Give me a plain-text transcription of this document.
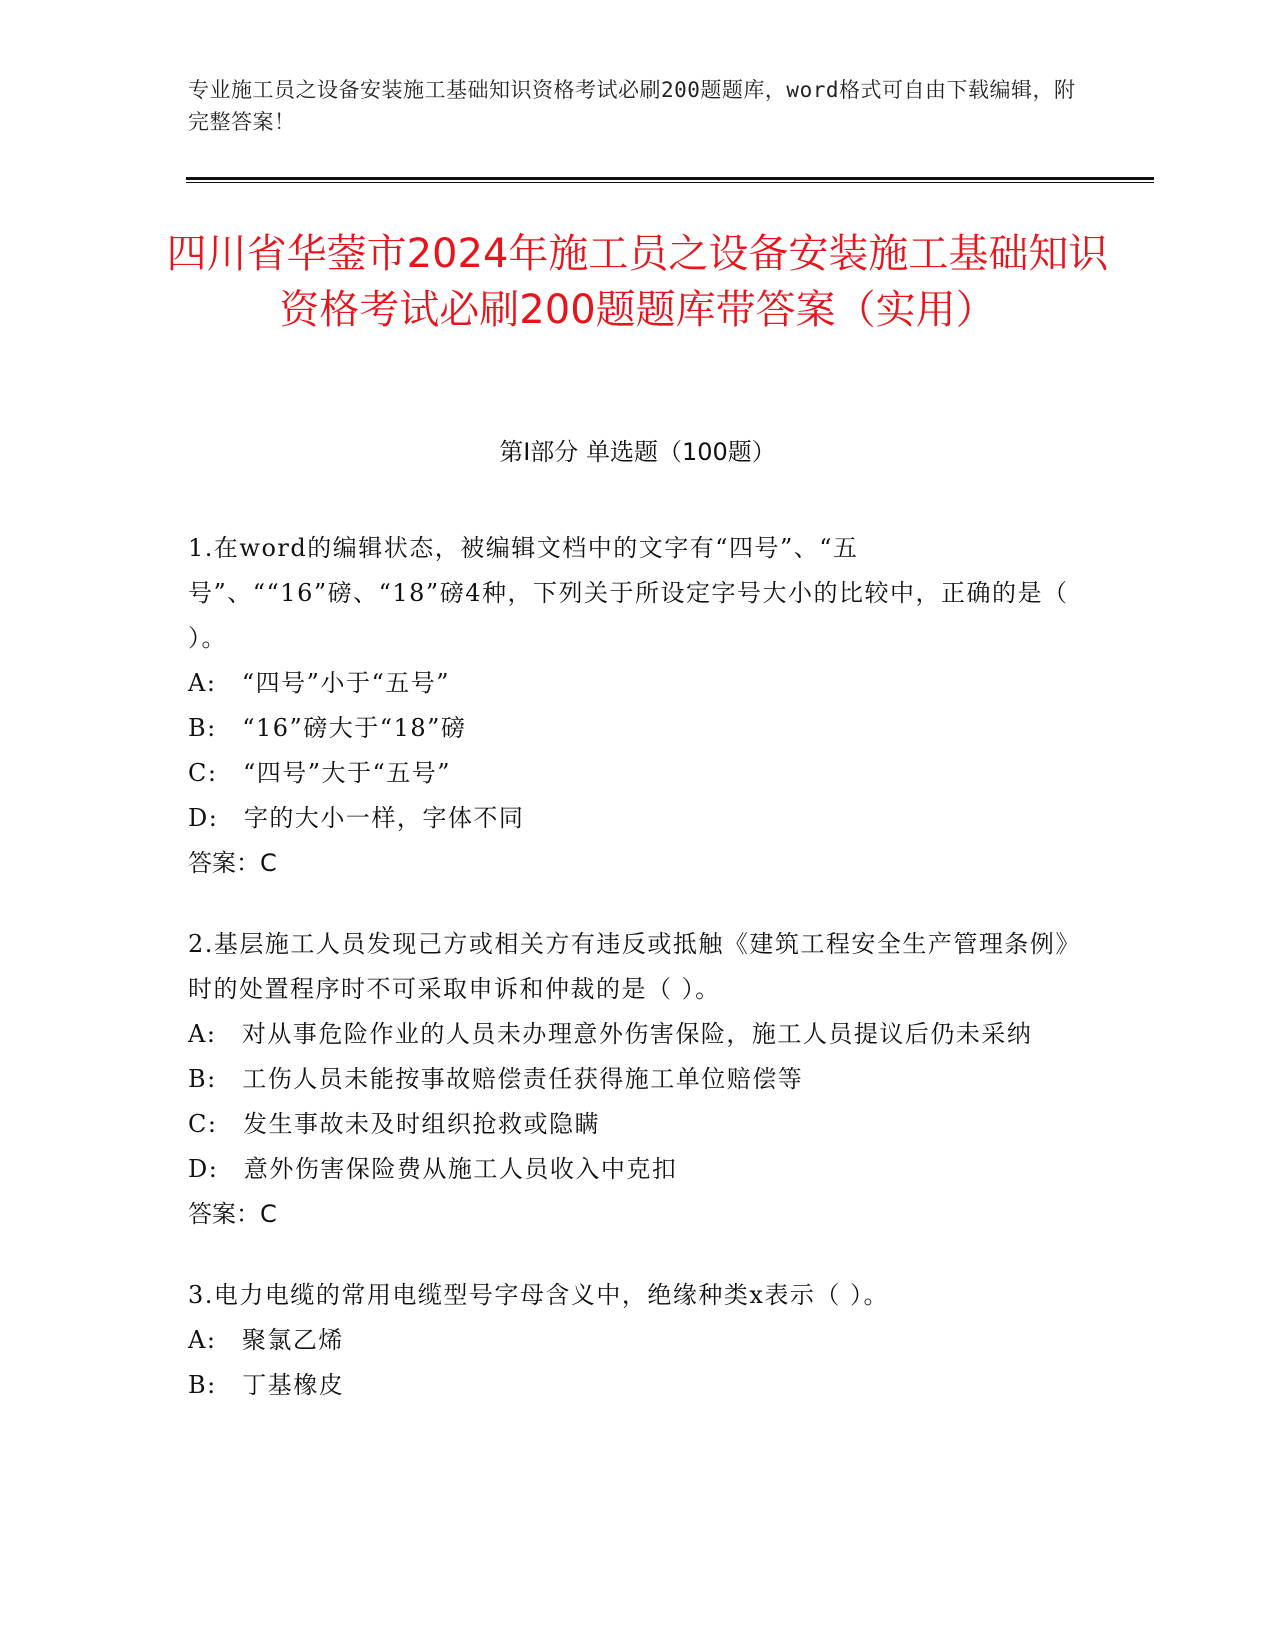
专业施工员之设备安装施工基础知识资格考试必刷200题题库，word格式可自由下载编辑，附完整答案！
四川省华蓥市2024年施工员之设备安装施工基础知识资格考试必刷200题题库带答案（实用）
第Ⅰ部分 单选题（100题）
1.在word的编辑状态，被编辑文档中的文字有“四号”、“五号”、““16”磅、“18”磅4种，下列关于所设定字号大小的比较中，正确的是（ ）。
A:　“四号”小于“五号”
B:　“16”磅大于“18”磅
C:　“四号”大于“五号”
D:　字的大小一样，字体不同
答案：C
2.基层施工人员发现己方或相关方有违反或抵触《建筑工程安全生产管理条例》时的处置程序时不可采取申诉和仲裁的是（ ）。
A:　对从事危险作业的人员未办理意外伤害保险，施工人员提议后仍未采纳
B:　工伤人员未能按事故赔偿责任获得施工单位赔偿等
C:　发生事故未及时组织抢救或隐瞒
D:　意外伤害保险费从施工人员收入中克扣
答案：C
3.电力电缆的常用电缆型号字母含义中，绝缘种类x表示（ ）。
A:　聚氯乙烯
B:　丁基橡皮
